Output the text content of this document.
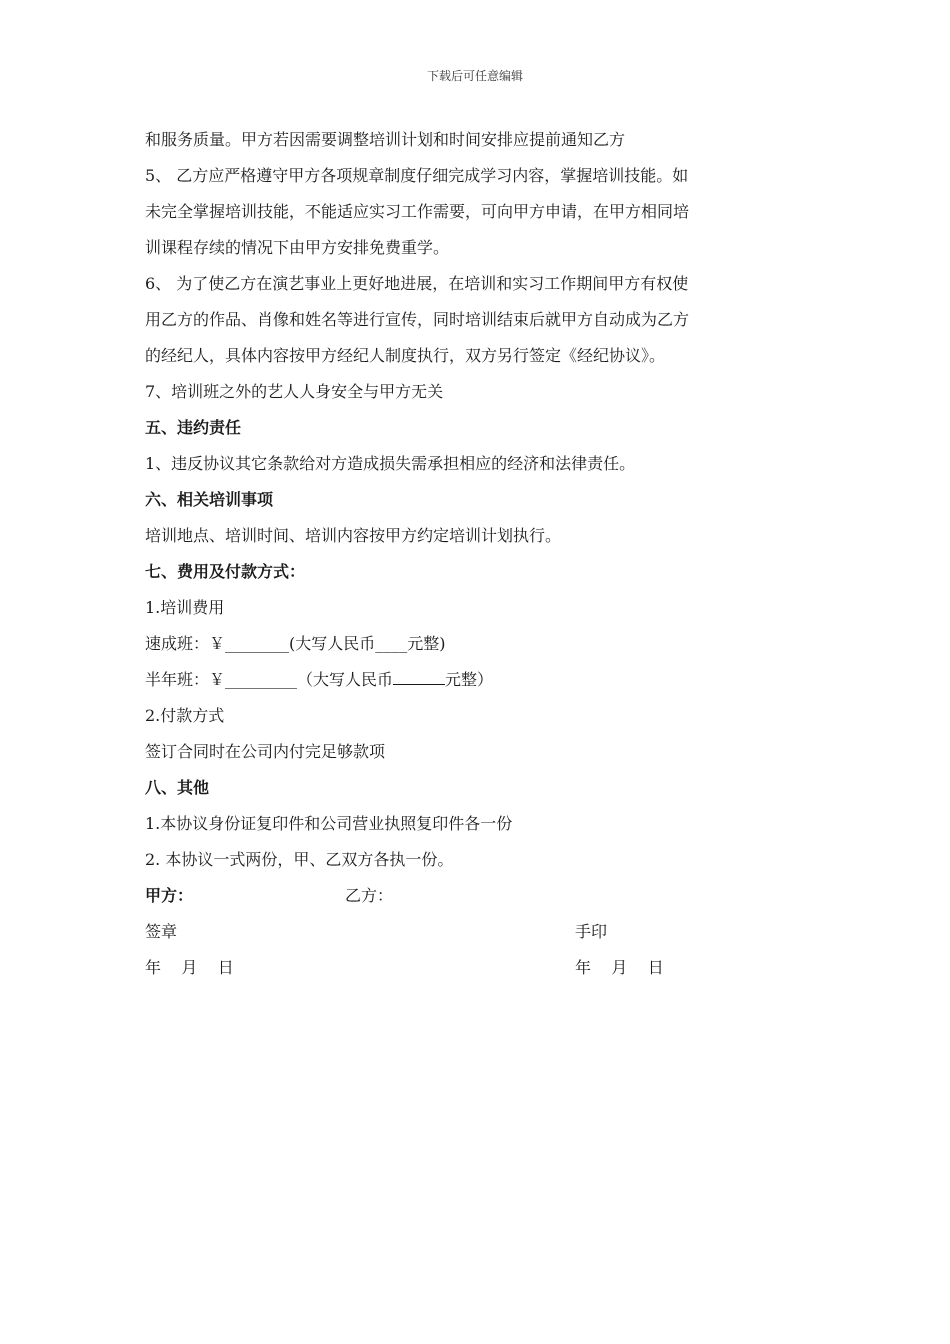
下载后可任意编辑

和服务质量。甲方若因需要调整培训计划和时间安排应提前通知乙方

5、 乙方应严格遵守甲方各项规章制度仔细完成学习内容，掌握培训技能。如

未完全掌握培训技能，不能适应实习工作需要，可向甲方申请，在甲方相同培

训课程存续的情况下由甲方安排免费重学。

6、 为了使乙方在演艺事业上更好地进展，在培训和实习工作期间甲方有权使

用乙方的作品、肖像和姓名等进行宣传，同时培训结束后就甲方自动成为乙方

的经纪人，具体内容按甲方经纪人制度执行，双方另行签定《经纪协议》。

7、培训班之外的艺人人身安全与甲方无关

五、违约责任

1、违反协议其它条款给对方造成损失需承担相应的经济和法律责任。

六、相关培训事项

培训地点、培训时间、培训内容按甲方约定培训计划执行。

七、费用及付款方式：

1.培训费用

速成班：￥________(大写人民币____元整)

半年班：￥_________（大写人民币	元整）

2.付款方式

签订合同时在公司内付完足够款项

八、其他

1.本协议身份证复印件和公司营业执照复印件各一份

2. 本协议一式两份，甲、乙双方各执一份。

甲方：	乙方：
签章	手印
年    月    日	年    月    日
